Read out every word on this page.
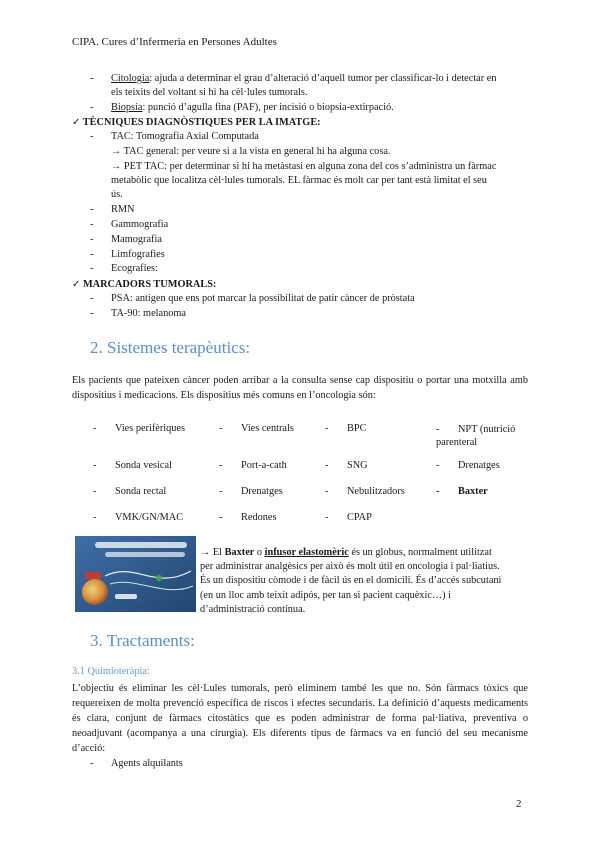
CIPA. Cures d’Infermeria en Persones Adultes
- Citologia: ajuda a determinar el grau d’alteració d’aquell tumor per classificar-lo i detectar en
els teixits del voltant si hi ha cèl·lules tumorals.
- Biopsia: punció d’agulla fina (PAF), per incisió o biopsia-extirpació.
✓ TÈCNIQUES DIAGNÒSTIQUES PER LA IMATGE:
- TAC: Tomografia Axial Computada
→ TAC general: per veure si a la vista en general hi ha alguna cosa.
→ PET TAC: per determinar si hi ha metàstasi en alguna zona del cos s’administra un fàrmac
metabòlic que localitza cèl·lules tumorals. EL fàrmac és molt car per tant està limitat el seu
ús.
- RMN
- Gammografia
- Mamografia
- Limfografies
- Ecografies:
✓ MARCADORS TUMORALS:
- PSA: antigen que ens pot marcar la possibilitat de patir càncer de pròstata
- TA-90: melanoma
2. Sistemes terapèutics:
Els pacients que pateixen càncer poden arribar a la consulta sense cap dispositiu o portar una motxilla amb dispositius i medicacions. Els dispositius més comuns en l’oncologia són:
- Vies perifèriques	- Vies centrals	- BPC	- NPT (nutrició parenteral
- Sonda vesical	- Port-a-cath	- SNG	- Drenatges
- Sonda rectal	- Drenatges	- Nebulitzadors	- Baxter
- VMK/GN/MAC	- Redones	- CPAP
→ El Baxter o infusor elastomèric és un globus, normalment utilitzat
per administrar analgèsics per això és molt útil en oncologia i pal·liatius.
És un dispositiu còmode i de fàcil ús en el domicili. És d’accés subcutani
(en un lloc amb teixit adipós, per tan si pacient caquèxic…) i
d’administració contínua.
3. Tractaments:
3.1 Quimioteràpia:
L’objectiu és eliminar les cèl·Lules tumorals, però eliminem també les que no. Són fàrmacs tòxics que requereixen de molta prevenció específica de riscos i efectes secundaris. La definició d’aquests medicaments és clara, conjunt de fàrmacs citostàtics que es poden administrar de forma pal·liativa, preventiva o neoadjuvant (acompanya a una cirurgia). Els diferents tipus de fàrmacs va en funció del seu mecanisme d’acció:
- Agents alquilants
2
